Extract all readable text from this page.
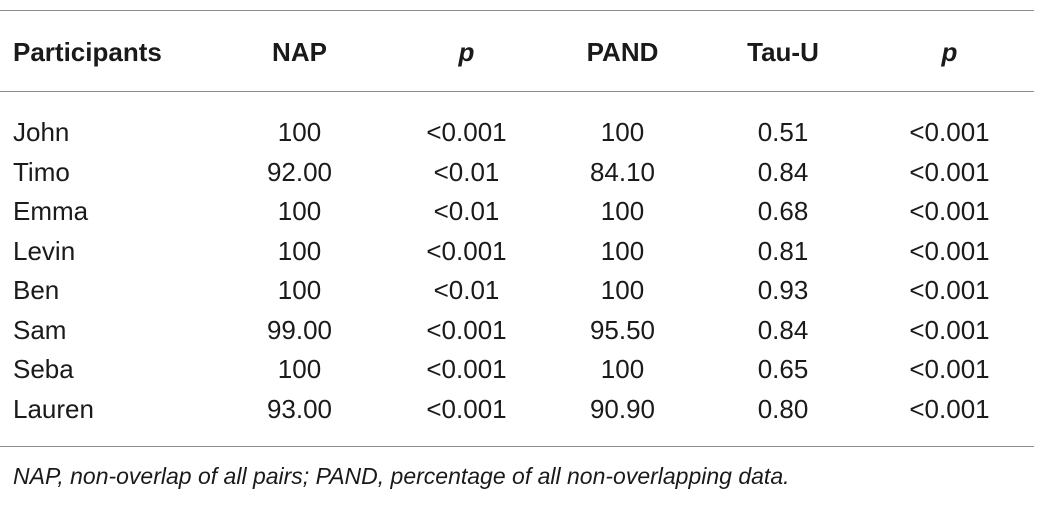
Participants	NAP	p	PAND	Tau-U	p
John	100	<0.001	100	0.51	<0.001
Timo	92.00	<0.01	84.10	0.84	<0.001
Emma	100	<0.01	100	0.68	<0.001
Levin	100	<0.001	100	0.81	<0.001
Ben	100	<0.01	100	0.93	<0.001
Sam	99.00	<0.001	95.50	0.84	<0.001
Seba	100	<0.001	100	0.65	<0.001
Lauren	93.00	<0.001	90.90	0.80	<0.001
NAP, non-overlap of all pairs; PAND, percentage of all non-overlapping data.
